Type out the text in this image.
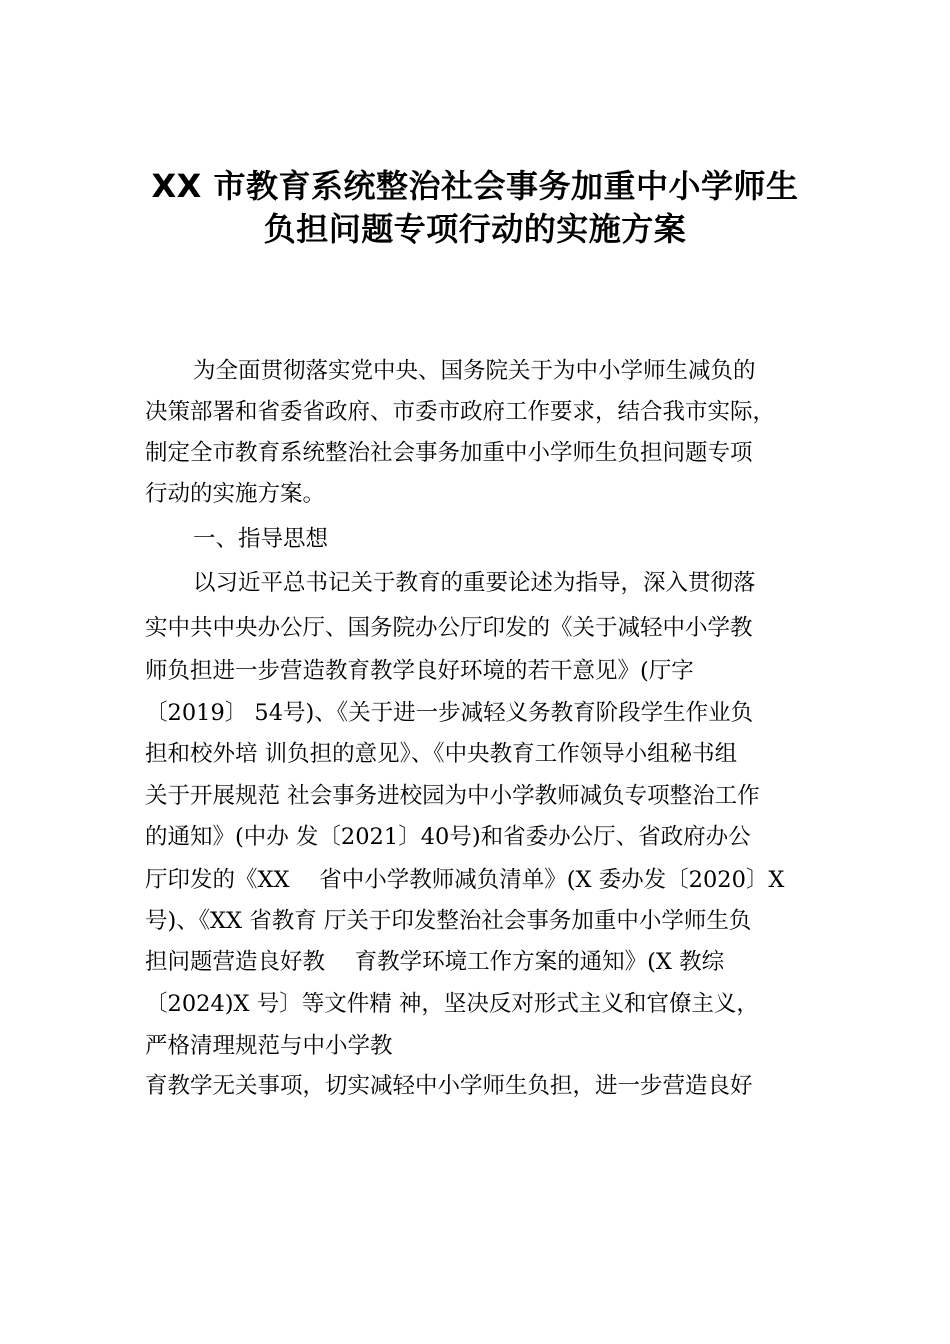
XX 市教育系统整治社会事务加重中小学师生
负担问题专项行动的实施方案
为全面贯彻落实党中央、国务院关于为中小学师生减负的
决策部署和省委省政府、市委市政府工作要求，结合我市实际，
制定全市教育系统整治社会事务加重中小学师生负担问题专项
行动的实施方案。
一、指导思想
以习近平总书记关于教育的重要论述为指导，深入贯彻落
实中共中央办公厅、国务院办公厅印发的《关于减轻中小学教
师负担进一步营造教育教学良好环境的若干意见》(厅字
〔2019〕 54号)、《关于进一步减轻义务教育阶段学生作业负
担和校外培 训负担的意见》、《中央教育工作领导小组秘书组
关于开展规范 社会事务进校园为中小学教师减负专项整治工作
的通知》(中办 发〔2021〕40号)和省委办公厅、省政府办公
厅印发的《XX　 省中小学教师减负清单》(X 委办发〔2020〕X
号)、《XX 省教育 厅关于印发整治社会事务加重中小学师生负
担问题营造良好教　 育教学环境工作方案的通知》(X 教综
〔2024)X 号〕等文件精 神，坚决反对形式主义和官僚主义，
严格清理规范与中小学教
育教学无关事项，切实减轻中小学师生负担，进一步营造良好
